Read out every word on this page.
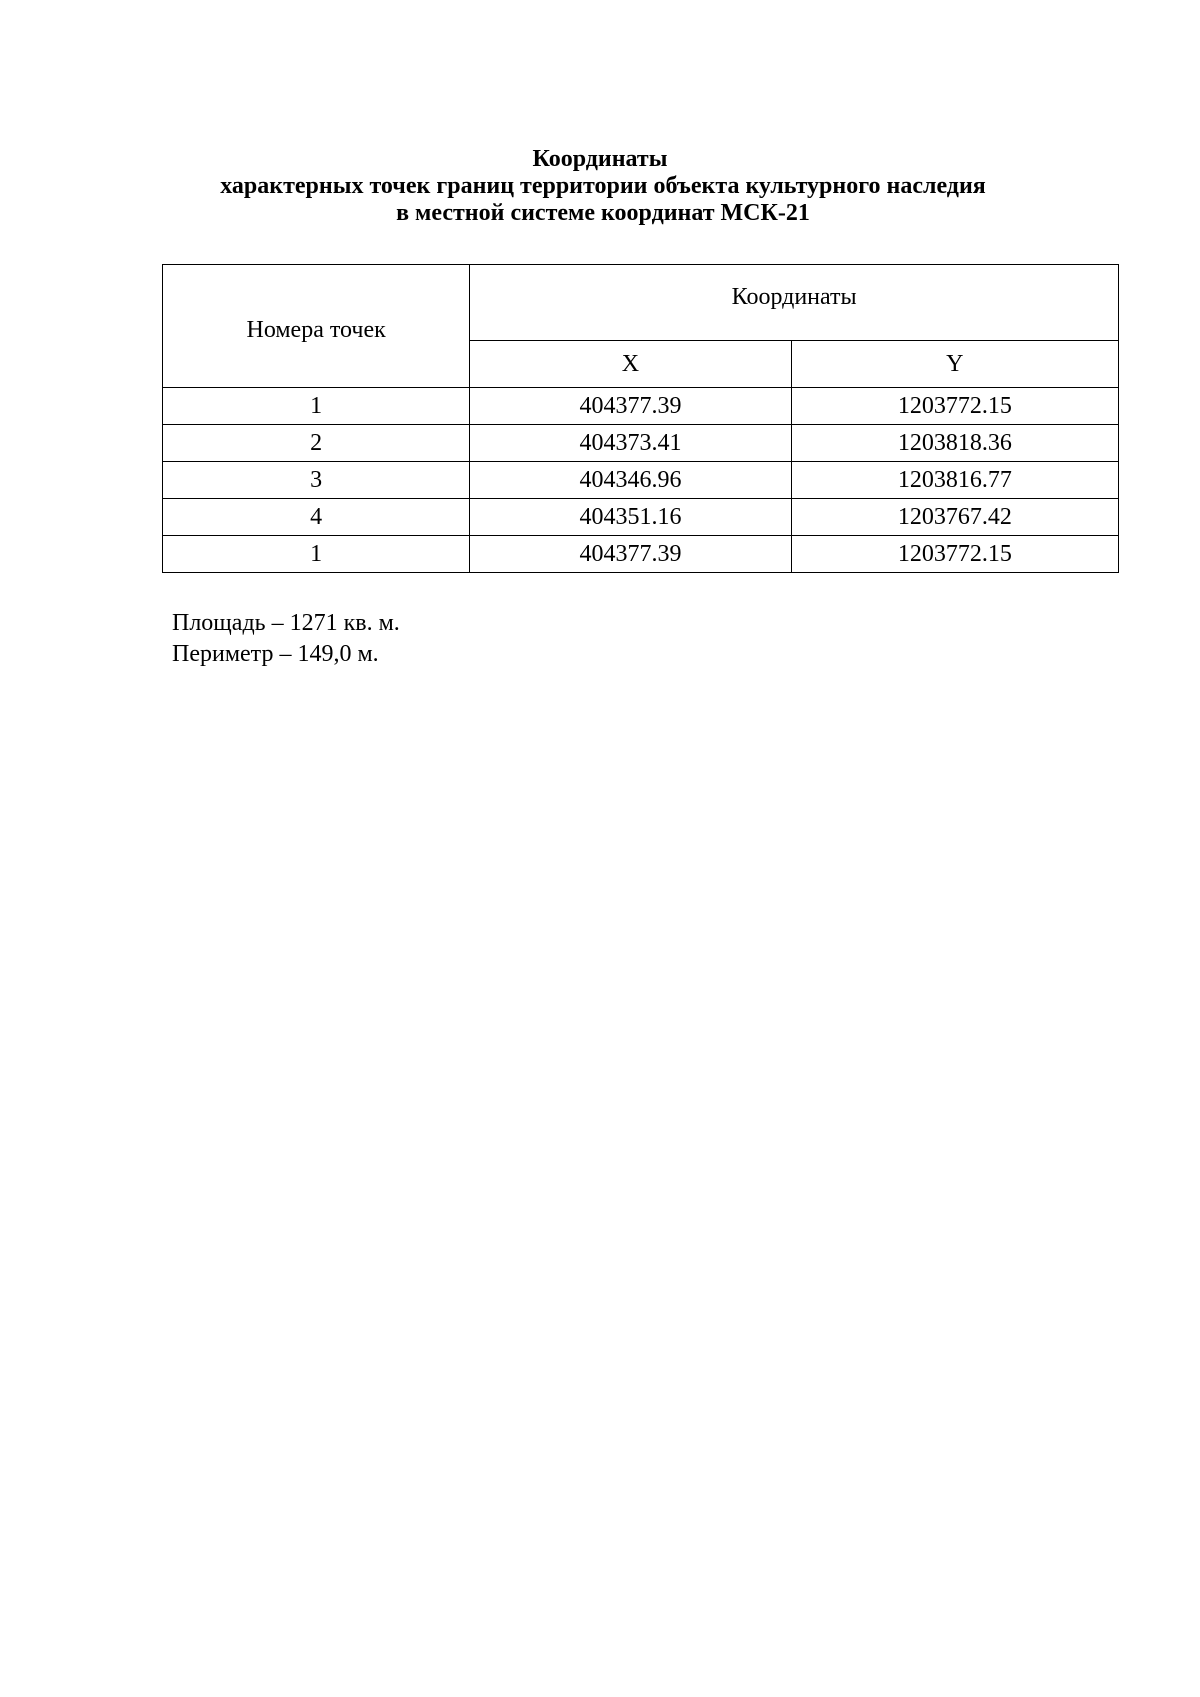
Координаты
характерных точек границ территории объекта культурного наследия
в местной системе координат МСК-21
Номера точек	Координаты	
	X	Y
1	404377.39	1203772.15
2	404373.41	1203818.36
3	404346.96	1203816.77
4	404351.16	1203767.42
1	404377.39	1203772.15
Площадь – 1271 кв. м.
Периметр – 149,0 м.
